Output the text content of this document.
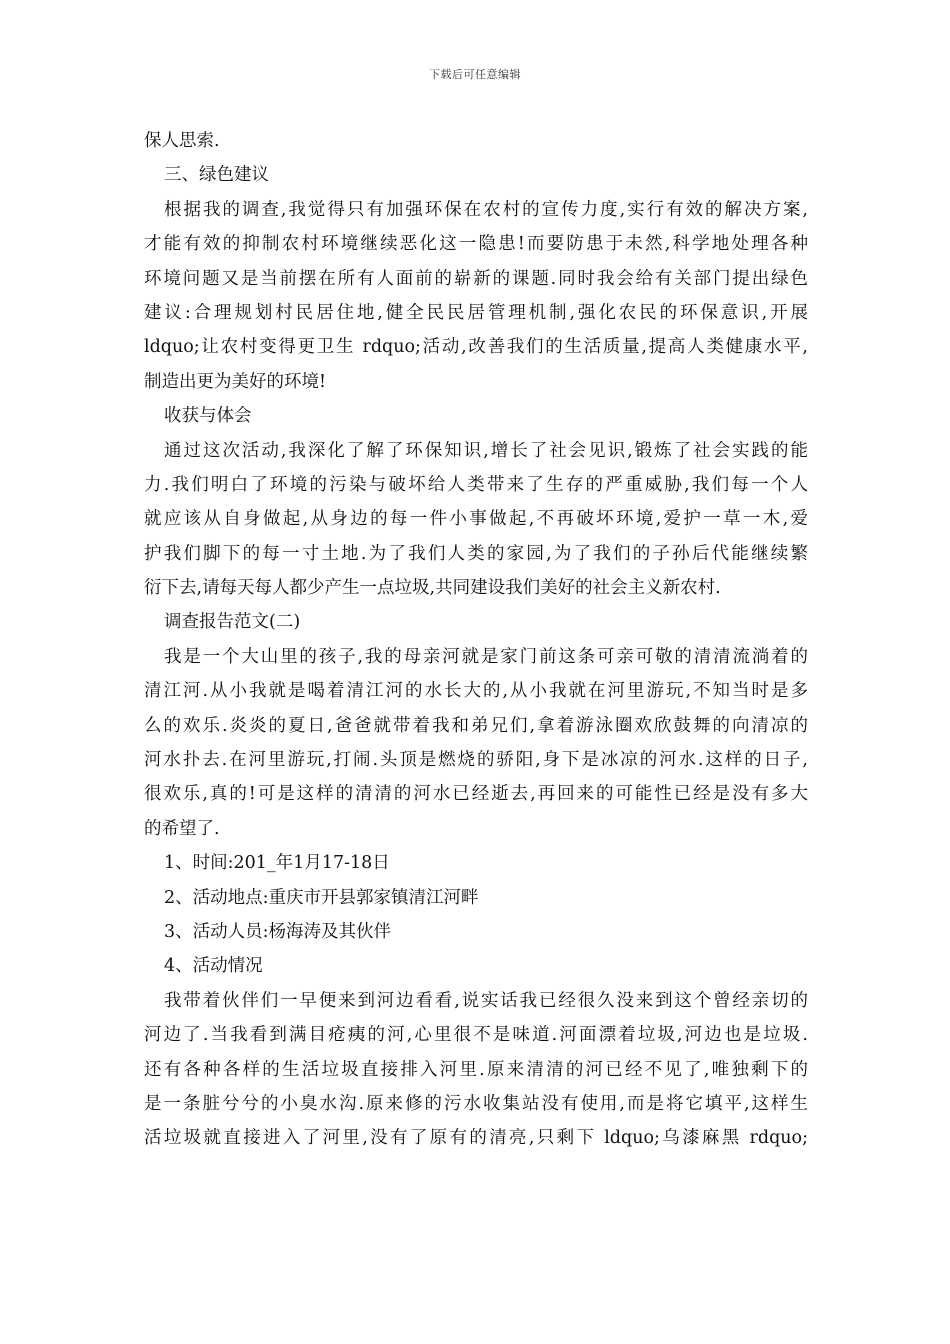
下载后可任意编辑
保人思索.
三、绿色建议
根据我的调查,我觉得只有加强环保在农村的宣传力度,实行有效的解决方案,
才能有效的抑制农村环境继续恶化这一隐患!而要防患于未然,科学地处理各种
环境问题又是当前摆在所有人面前的崭新的课题.同时我会给有关部门提出绿色
建议:合理规划村民居住地,健全民民居管理机制,强化农民的环保意识,开展
ldquo;让农村变得更卫生 rdquo;活动,改善我们的生活质量,提高人类健康水平,
制造出更为美好的环境!
收获与体会
通过这次活动,我深化了解了环保知识,增长了社会见识,锻炼了社会实践的能
力.我们明白了环境的污染与破坏给人类带来了生存的严重威胁,我们每一个人
就应该从自身做起,从身边的每一件小事做起,不再破坏环境,爱护一草一木,爱
护我们脚下的每一寸土地.为了我们人类的家园,为了我们的子孙后代能继续繁
衍下去,请每天每人都少产生一点垃圾,共同建设我们美好的社会主义新农村.
调查报告范文(二)
我是一个大山里的孩子,我的母亲河就是家门前这条可亲可敬的清清流淌着的
清江河.从小我就是喝着清江河的水长大的,从小我就在河里游玩,不知当时是多
么的欢乐.炎炎的夏日,爸爸就带着我和弟兄们,拿着游泳圈欢欣鼓舞的向清凉的
河水扑去.在河里游玩,打闹.头顶是燃烧的骄阳,身下是冰凉的河水.这样的日子,
很欢乐,真的!可是这样的清清的河水已经逝去,再回来的可能性已经是没有多大
的希望了.
1、时间:201_年1月17-18日
2、活动地点:重庆市开县郭家镇清江河畔
3、活动人员:杨海涛及其伙伴
4、活动情况
我带着伙伴们一早便来到河边看看,说实话我已经很久没来到这个曾经亲切的
河边了.当我看到满目疮痍的河,心里很不是味道.河面漂着垃圾,河边也是垃圾.
还有各种各样的生活垃圾直接排入河里.原来清清的河已经不见了,唯独剩下的
是一条脏兮兮的小臭水沟.原来修的污水收集站没有使用,而是将它填平,这样生
活垃圾就直接进入了河里,没有了原有的清亮,只剩下 ldquo;乌漆麻黑 rdquo;
